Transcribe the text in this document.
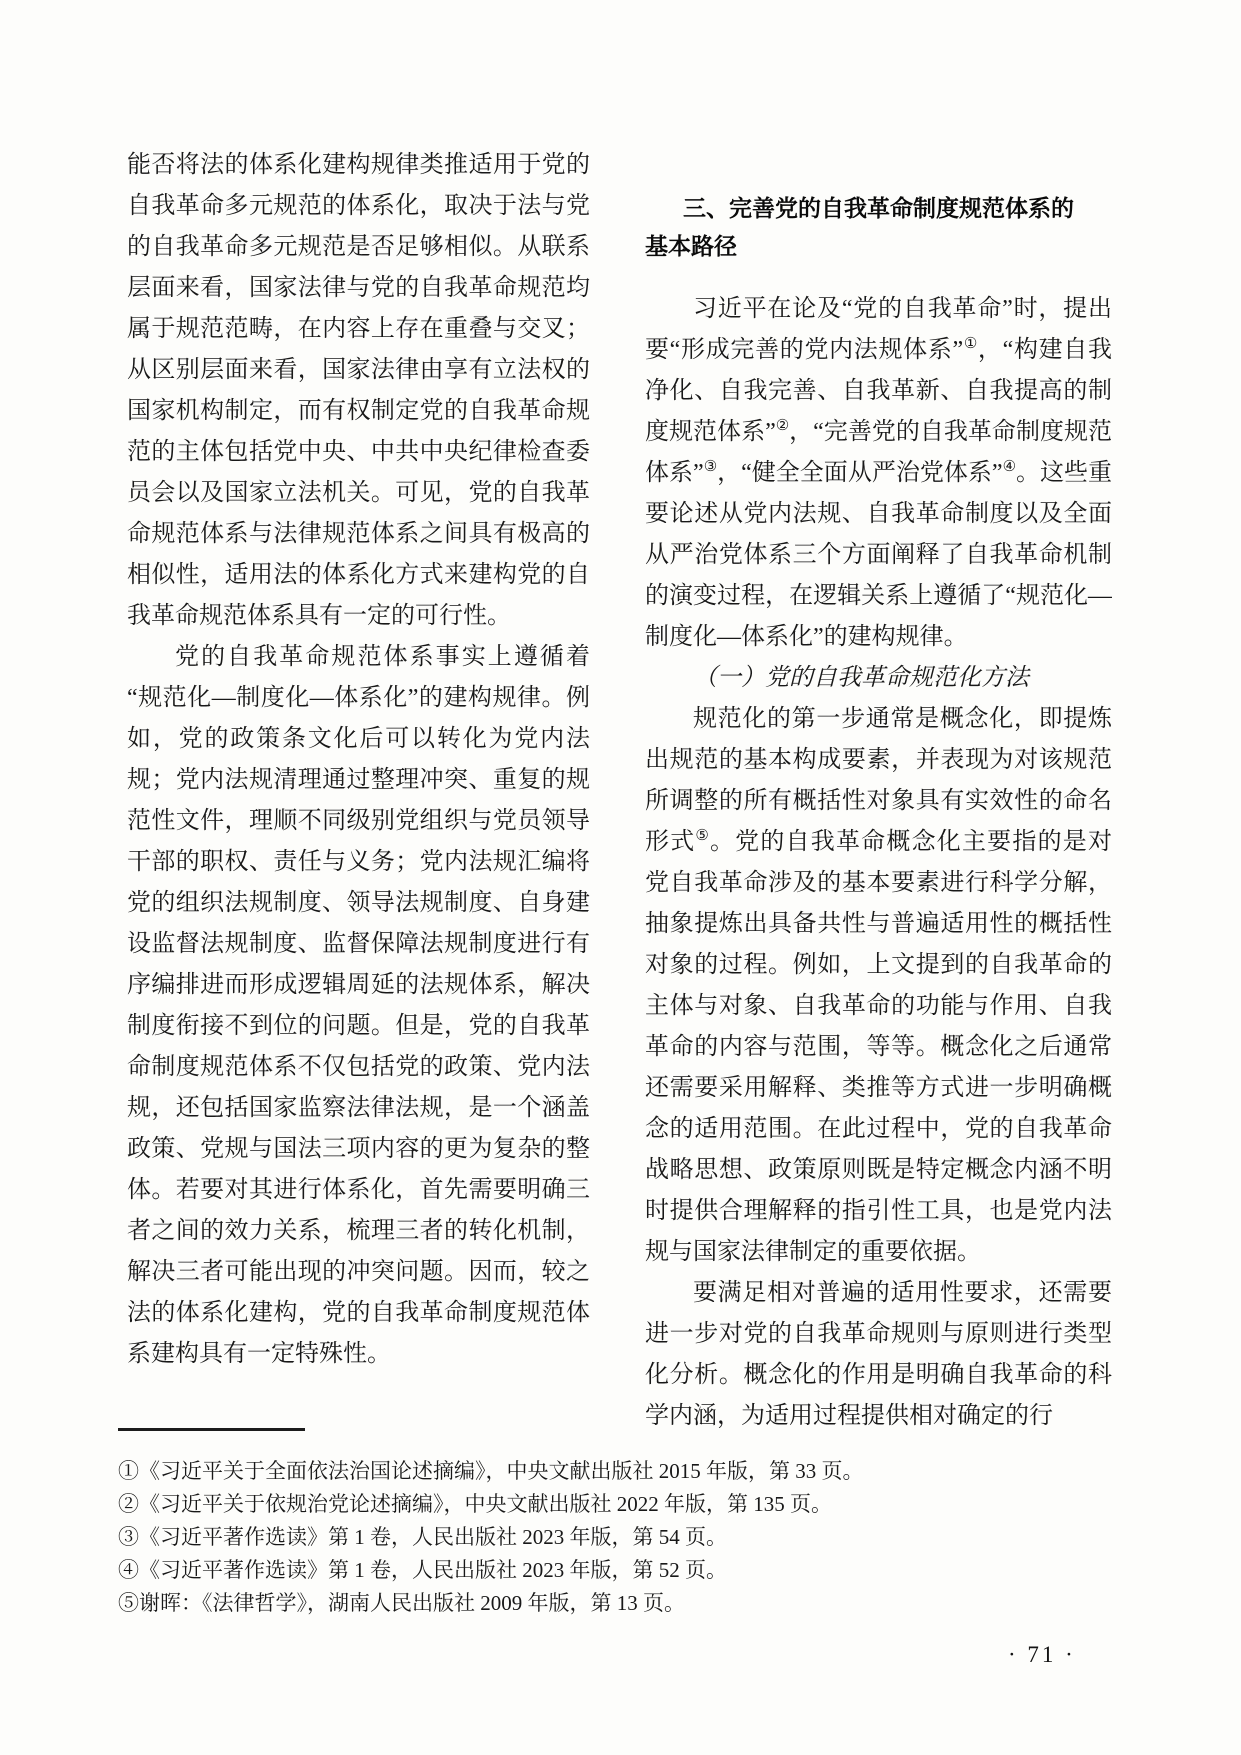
能否将法的体系化建构规律类推适用于党的自我革命多元规范的体系化，取决于法与党的自我革命多元规范是否足够相似。从联系层面来看，国家法律与党的自我革命规范均属于规范范畴，在内容上存在重叠与交叉；从区别层面来看，国家法律由享有立法权的国家机构制定，而有权制定党的自我革命规范的主体包括党中央、中共中央纪律检查委员会以及国家立法机关。可见，党的自我革命规范体系与法律规范体系之间具有极高的相似性，适用法的体系化方式来建构党的自我革命规范体系具有一定的可行性。

党的自我革命规范体系事实上遵循着“规范化—制度化—体系化”的建构规律。例如，党的政策条文化后可以转化为党内法规；党内法规清理通过整理冲突、重复的规范性文件，理顺不同级别党组织与党员领导干部的职权、责任与义务；党内法规汇编将党的组织法规制度、领导法规制度、自身建设监督法规制度、监督保障法规制度进行有序编排进而形成逻辑周延的法规体系，解决制度衔接不到位的问题。但是，党的自我革命制度规范体系不仅包括党的政策、党内法规，还包括国家监察法律法规，是一个涵盖政策、党规与国法三项内容的更为复杂的整体。若要对其进行体系化，首先需要明确三者之间的效力关系，梳理三者的转化机制，解决三者可能出现的冲突问题。因而，较之法的体系化建构，党的自我革命制度规范体系建构具有一定特殊性。

三、完善党的自我革命制度规范体系的
基本路径

习近平在论及“党的自我革命”时，提出要“形成完善的党内法规体系”①，“构建自我净化、自我完善、自我革新、自我提高的制度规范体系”②，“完善党的自我革命制度规范体系”③，“健全全面从严治党体系”④。这些重要论述从党内法规、自我革命制度以及全面从严治党体系三个方面阐释了自我革命机制的演变过程，在逻辑关系上遵循了“规范化—制度化—体系化”的建构规律。

（一）党的自我革命规范化方法

规范化的第一步通常是概念化，即提炼出规范的基本构成要素，并表现为对该规范所调整的所有概括性对象具有实效性的命名形式⑤。党的自我革命概念化主要指的是对党自我革命涉及的基本要素进行科学分解，抽象提炼出具备共性与普遍适用性的概括性对象的过程。例如，上文提到的自我革命的主体与对象、自我革命的功能与作用、自我革命的内容与范围，等等。概念化之后通常还需要采用解释、类推等方式进一步明确概念的适用范围。在此过程中，党的自我革命战略思想、政策原则既是特定概念内涵不明时提供合理解释的指引性工具，也是党内法规与国家法律制定的重要依据。

要满足相对普遍的适用性要求，还需要进一步对党的自我革命规则与原则进行类型化分析。概念化的作用是明确自我革命的科学内涵，为适用过程提供相对确定的行

①《习近平关于全面依法治国论述摘编》，中央文献出版社 2015 年版，第 33 页。

②《习近平关于依规治党论述摘编》，中央文献出版社 2022 年版，第 135 页。

③《习近平著作选读》第 1 卷，人民出版社 2023 年版，第 54 页。

④《习近平著作选读》第 1 卷，人民出版社 2023 年版，第 52 页。

⑤谢晖：《法律哲学》，湖南人民出版社 2009 年版，第 13 页。

· 71 ·
